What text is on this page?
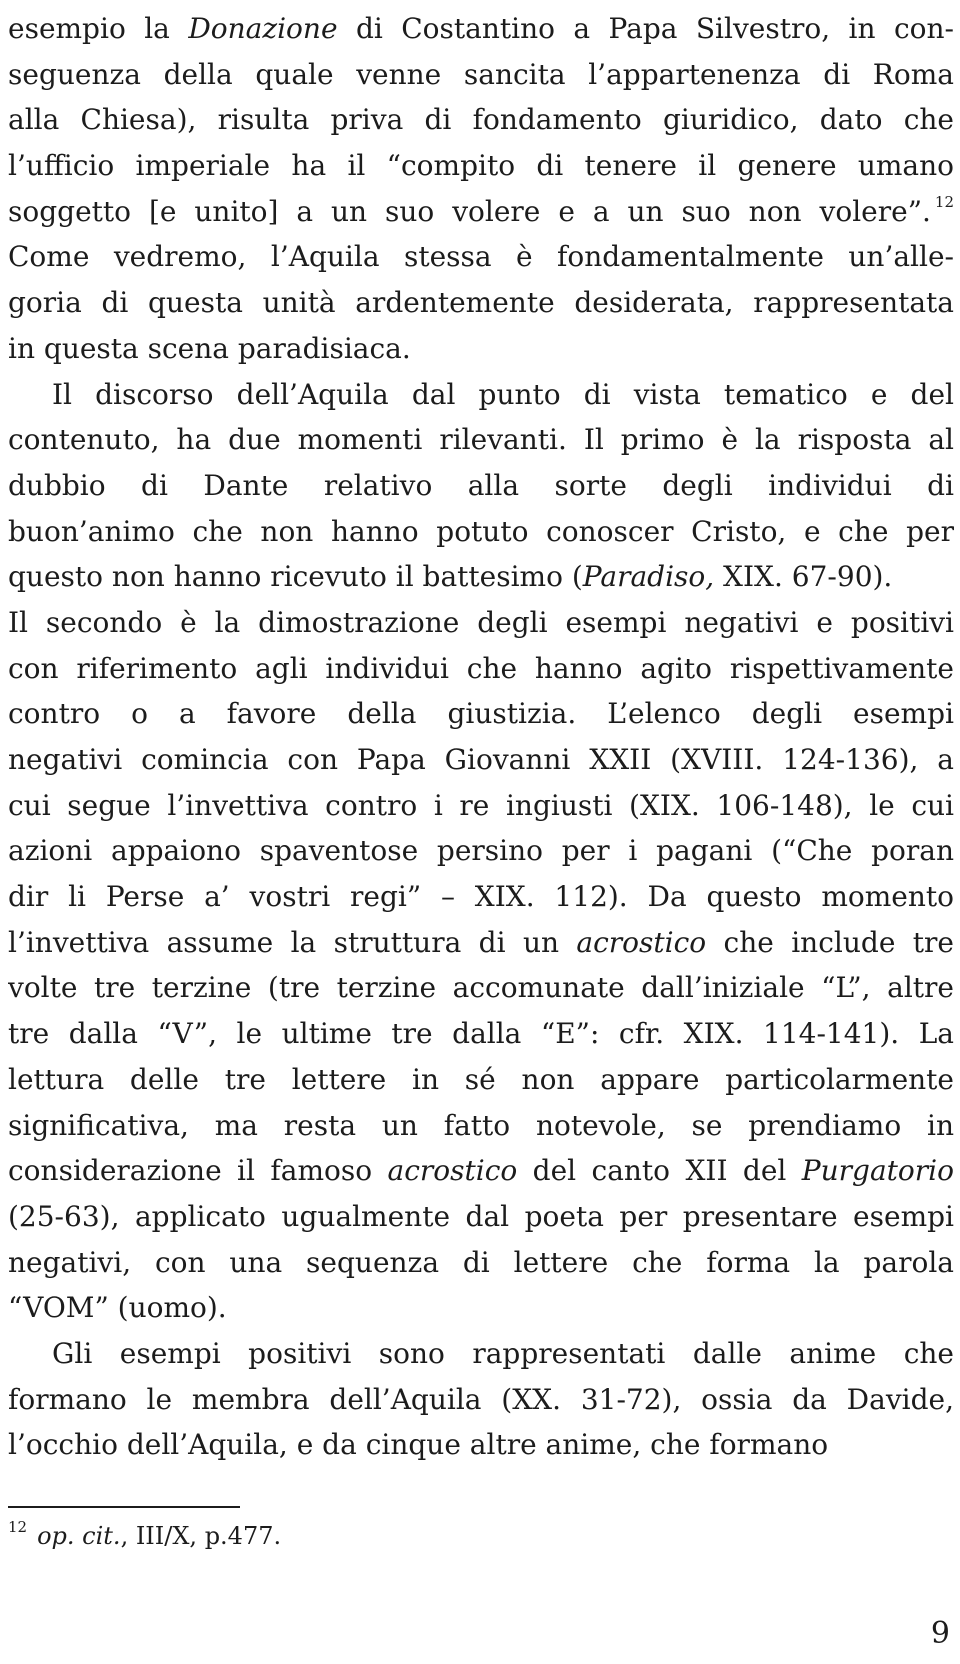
esempio la Donazione di Costantino a Papa Silvestro, in con-
seguenza della quale venne sancita l’appartenenza di Roma
alla Chiesa), risulta priva di fondamento giuridico, dato che
l’ufficio imperiale ha il “compito di tenere il genere umano
soggetto [e unito] a un suo volere e a un suo non volere”. $^{12}$
Come vedremo, l’Aquila stessa è fondamentalmente un’alle-
goria di questa unità ardentemente desiderata, rappresentata
in questa scena paradisiaca.
Il discorso dell’Aquila dal punto di vista tematico e del
contenuto, ha due momenti rilevanti. Il primo è la risposta al
dubbio di Dante relativo alla sorte degli individui di
buon’animo che non hanno potuto conoscer Cristo, e che per
questo non hanno ricevuto il battesimo (Paradiso, XIX. 67-90).
Il secondo è la dimostrazione degli esempi negativi e positivi
con riferimento agli individui che hanno agito rispettivamente
contro o a favore della giustizia. L’elenco degli esempi
negativi comincia con Papa Giovanni XXII (XVIII. 124-136), a
cui segue l’invettiva contro i re ingiusti (XIX. 106-148), le cui
azioni appaiono spaventose persino per i pagani (“Che poran
dir li Perse a’ vostri regi” – XIX. 112). Da questo momento
l’invettiva assume la struttura di un acrostico che include tre
volte tre terzine (tre terzine accomunate dall’iniziale “L”, altre
tre dalla “V”, le ultime tre dalla “E”: cfr. XIX. 114-141). La
lettura delle tre lettere in sé non appare particolarmente
significativa, ma resta un fatto notevole, se prendiamo in
considerazione il famoso acrostico del canto XII del Purgatorio
(25-63), applicato ugualmente dal poeta per presentare esempi
negativi, con una sequenza di lettere che forma la parola
“VOM” (uomo).
Gli esempi positivi sono rappresentati dalle anime che
formano le membra dell’Aquila (XX. 31-72), ossia da Davide,
l’occhio dell’Aquila, e da cinque altre anime, che formano
$^{12}$ op. cit., III/X, p.477.
9
